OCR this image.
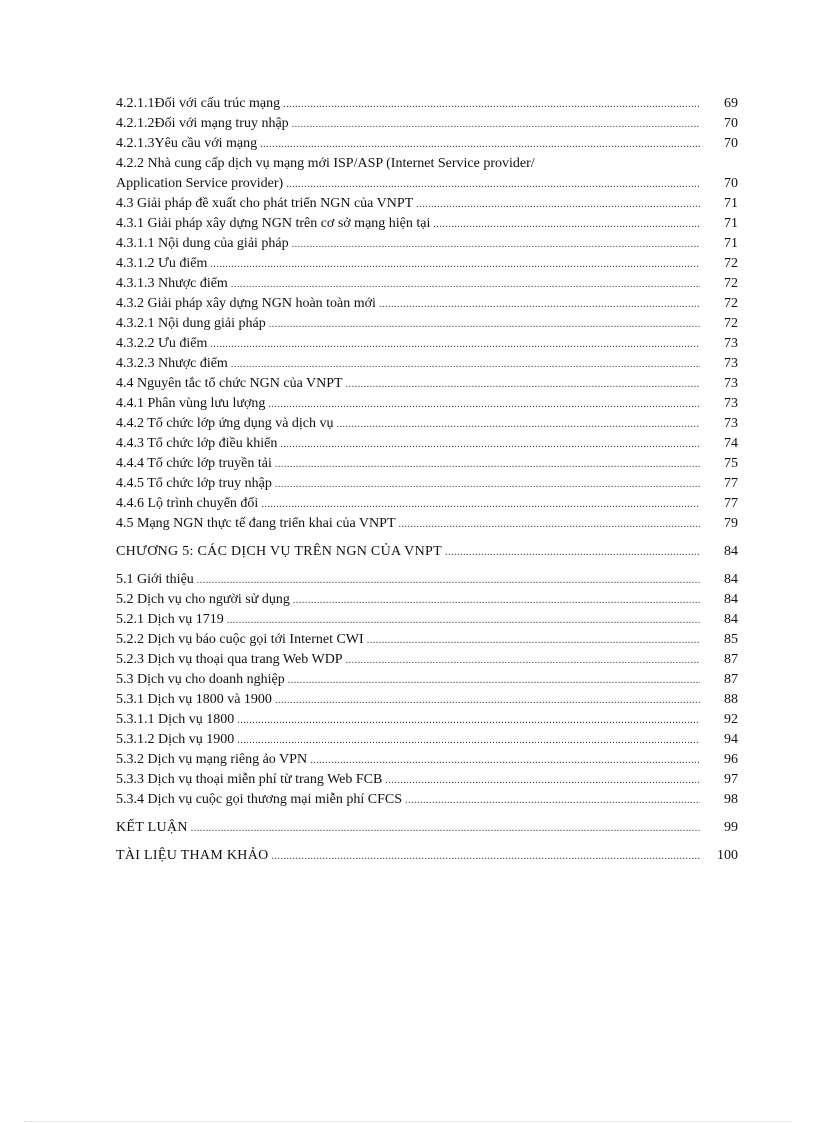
4.2.1.1Đối với cấu trúc mạng .....	69
4.2.1.2Đối với mạng truy nhập .....	70
4.2.1.3Yêu cầu với mạng .....	70
4.2.2 Nhà cung cấp dịch vụ mạng mới ISP/ASP (Internet Service provider/
Application Service provider) .....	70
4.3 Giải pháp đề xuất cho phát triển NGN của VNPT .....	71
4.3.1 Giải pháp xây dựng NGN trên cơ sở mạng hiện tại .....	71
4.3.1.1 Nội dung của giải pháp .....	71
4.3.1.2 Ưu điểm .....	72
4.3.1.3 Nhược điểm .....	72
4.3.2 Giải pháp xây dựng NGN hoàn toàn mới .....	72
4.3.2.1 Nội dung giải pháp .....	72
4.3.2.2 Ưu điểm .....	73
4.3.2.3 Nhược điểm .....	73
4.4 Nguyên tắc tổ chức NGN của VNPT .....	73
4.4.1 Phân vùng lưu lượng .....	73
4.4.2 Tổ chức lớp ứng dụng và dịch vụ .....	73
4.4.3 Tổ chức lớp điều khiển .....	74
4.4.4 Tổ chức lớp truyền tải .....	75
4.4.5 Tổ chức lớp truy nhập .....	77
4.4.6 Lộ trình chuyển đổi .....	77
4.5 Mạng NGN thực tế đang triển khai của VNPT .....	79
CHƯƠNG 5: CÁC DỊCH VỤ TRÊN NGN CỦA VNPT .....	84
5.1 Giới thiệu .....	84
5.2 Dịch vụ cho người sử dụng .....	84
5.2.1 Dịch vụ 1719 .....	84
5.2.2 Dịch vụ báo cuộc gọi tới Internet CWI .....	85
5.2.3 Dịch vụ thoại qua trang Web WDP .....	87
5.3 Dịch vụ cho doanh nghiệp .....	87
5.3.1 Dịch vụ 1800 và 1900 .....	88
5.3.1.1 Dịch vụ 1800 .....	92
5.3.1.2 Dịch vụ 1900 .....	94
5.3.2 Dịch vụ mạng riêng ảo VPN .....	96
5.3.3 Dịch vụ thoại miễn phí từ trang Web FCB .....	97
5.3.4 Dịch vụ cuộc gọi thương mại miễn phí CFCS .....	98
KẾT LUẬN .....	99
TÀI LIỆU THAM KHẢO .....	100
